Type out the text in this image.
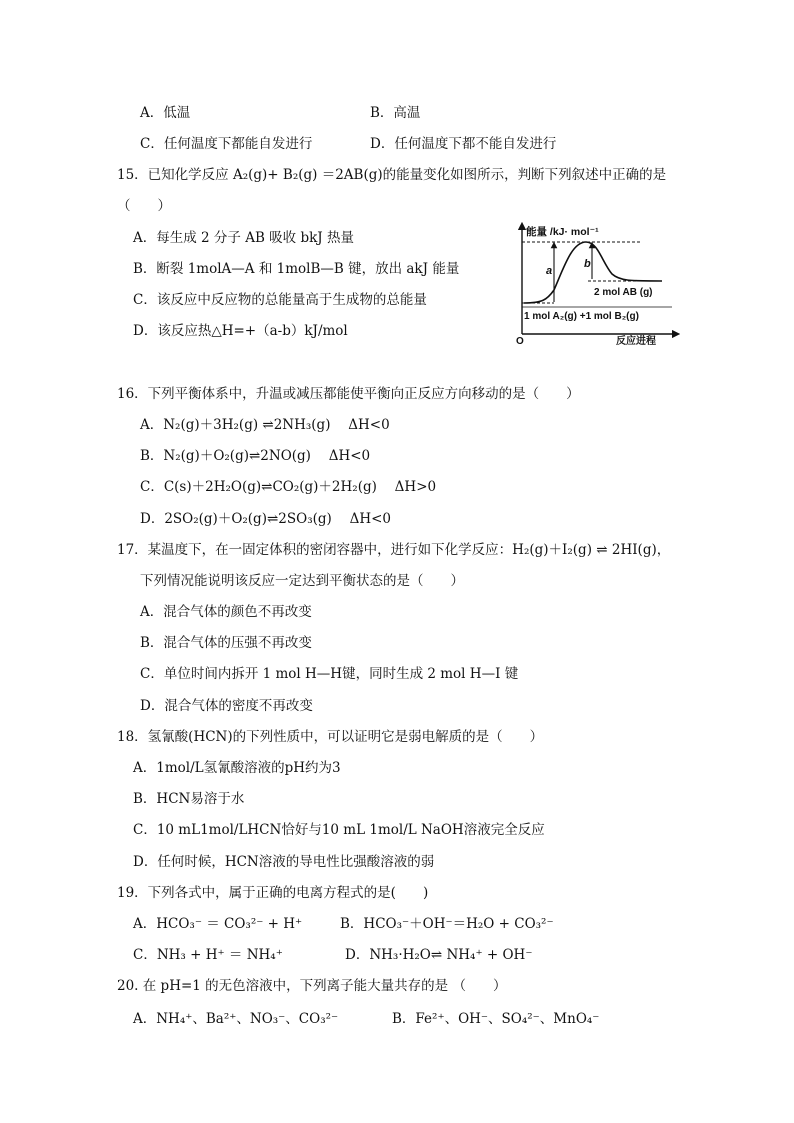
A．低温	B．高温
C．任何温度下都能自发进行	D．任何温度下都不能自发进行
15．已知化学反应 A₂(g)+ B₂(g) ＝2AB(g)的能量变化如图所示，判断下列叙述中正确的是
（　　）
A．每生成 2 分子 AB 吸收 bkJ 热量
B．断裂 1molA—A 和 1molB—B 键，放出 akJ 能量
C．该反应中反应物的总能量高于生成物的总能量
D．该反应热△H=+（a-b）kJ/mol
能量 /kJ· mol⁻¹
O	反应进程
a
b
2 mol AB (g)
1 mol A₂(g) +1 mol B₂(g)
16．下列平衡体系中，升温或减压都能使平衡向正反应方向移动的是（　　）
A．N₂(g)＋3H₂(g) ⇌2NH₃(g)　 ΔH<0
B．N₂(g)＋O₂(g)⇌2NO(g)　 ΔH<0
C．C(s)＋2H₂O(g)⇌CO₂(g)＋2H₂(g)　 ΔH>0
D．2SO₂(g)＋O₂(g)⇌2SO₃(g)　 ΔH<0
17．某温度下，在一固定体积的密闭容器中，进行如下化学反应：H₂(g)＋I₂(g) ⇌ 2HI(g)，
下列情况能说明该反应一定达到平衡状态的是（　　）
A．混合气体的颜色不再改变
B．混合气体的压强不再改变
C．单位时间内拆开 1 mol H—H键，同时生成 2 mol H—I 键
D．混合气体的密度不再改变
18．氢氰酸(HCN)的下列性质中，可以证明它是弱电解质的是（　　）
A．1mol/L氢氰酸溶液的pH约为3
B．HCN易溶于水
C．10 mL1mol/LHCN恰好与10 mL 1mol/L NaOH溶液完全反应
D．任何时候，HCN溶液的导电性比强酸溶液的弱
19．下列各式中，属于正确的电离方程式的是(　　)
A．HCO₃⁻ ＝ CO₃²⁻ + H⁺	B．HCO₃⁻＋OH⁻＝H₂O + CO₃²⁻
C．NH₃ + H⁺ ＝ NH₄⁺	D．NH₃·H₂O⇌ NH₄⁺ + OH⁻
20. 在 pH=1 的无色溶液中，下列离子能大量共存的是 （　　）
A．NH₄⁺、Ba²⁺、NO₃⁻、CO₃²⁻	B．Fe²⁺、OH⁻、SO₄²⁻、MnO₄⁻
